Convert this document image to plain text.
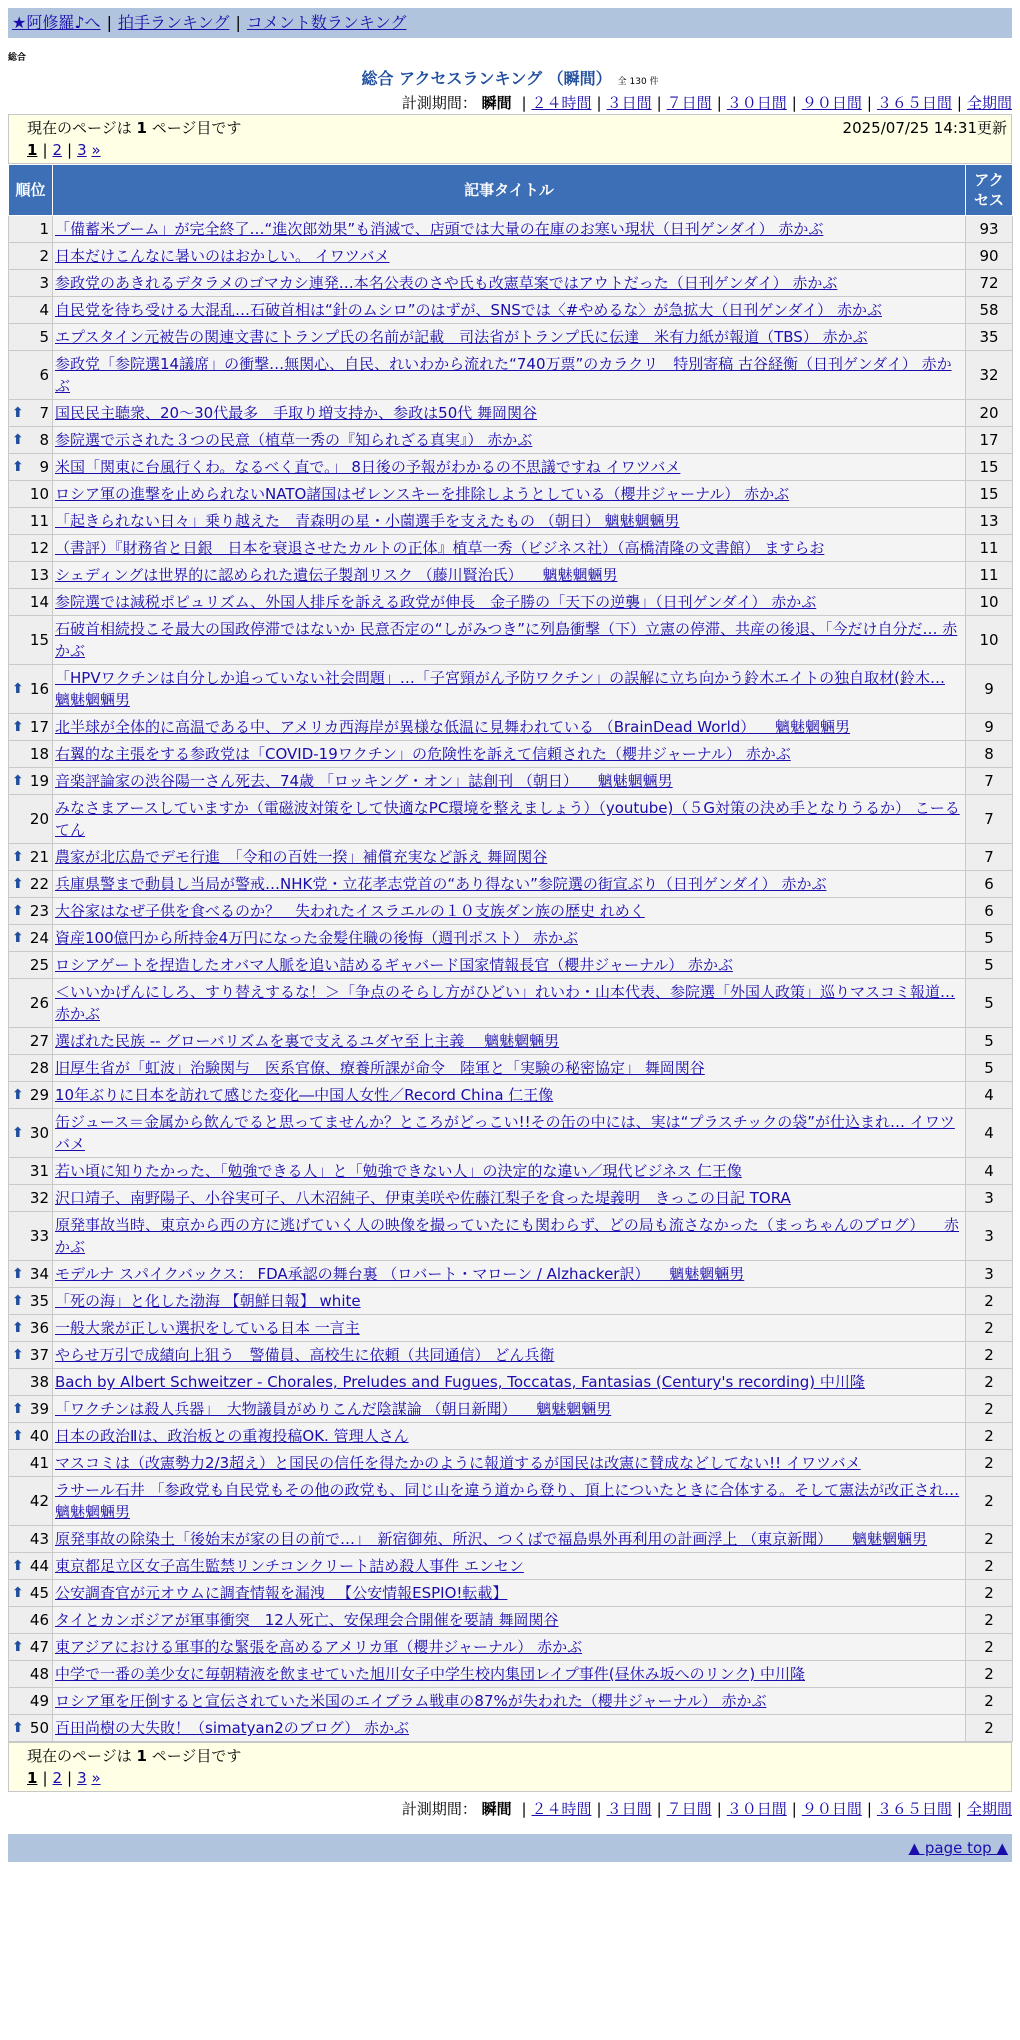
★阿修羅♪へ | 拍手ランキング | コメント数ランキング
総合
総合 アクセスランキング （瞬間） 全 130 件
計測期間： 瞬間 | ２４時間 | ３日間 | ７日間 | ３０日間 | ９０日間 | ３６５日間 | 全期間
現在のページは 1 ページ目です	2025/07/25 14:31更新
1 | 2 | 3 »
順位	記事タイトル	アクセス
1	「備蓄米ブーム」が完全終了…“進次郎効果”も消滅で、店頭では大量の在庫のお寒い現状（日刊ゲンダイ） 赤かぶ	93
2	日本だけこんなに暑いのはおかしい。 イワツバメ	90
3	参政党のあきれるデタラメのゴマカシ連発…本名公表のさや氏も改憲草案ではアウトだった（日刊ゲンダイ） 赤かぶ	72
4	自民党を待ち受ける大混乱…石破首相は“針のムシロ”のはずが、SNSでは〈#やめるな〉が急拡大（日刊ゲンダイ） 赤かぶ	58
5	エプスタイン元被告の関連文書にトランプ氏の名前が記載　司法省がトランプ氏に伝達　米有力紙が報道（TBS） 赤かぶ	35
6	参政党「参院選14議席」の衝撃…無関心、自民、れいわから流れた“740万票”のカラクリ　特別寄稿 古谷経衡（日刊ゲンダイ） 赤かぶ	32

⬆ 7	国民民主聴衆、20～30代最多　手取り増支持か、参政は50代 舞岡関谷	20

⬆ 8	参院選で示された３つの民意（植草一秀の『知られざる真実』） 赤かぶ	17

⬆ 9	米国「関東に台風行くわ。なるべく直で。」 8日後の予報がわかるの不思議ですね イワツバメ	15
10	ロシア軍の進撃を止められないNATO諸国はゼレンスキーを排除しようとしている（櫻井ジャーナル） 赤かぶ	15
11	「起きられない日々」乗り越えた　青森明の星・小薗選手を支えたもの （朝日） 魑魅魍魎男	13
12	（書評）『財務省と日銀　日本を衰退させたカルトの正体』植草一秀（ビジネス社）（高橋清隆の文書館） ますらお	11
13	シェディングは世界的に認められた遺伝子製剤リスク （藤川賢治氏） 　魑魅魍魎男	11
14	参院選では減税ポピュリズム、外国人排斥を訴える政党が伸長　金子勝の「天下の逆襲」（日刊ゲンダイ） 赤かぶ	10
15	石破首相続投こそ最大の国政停滞ではないか 民意否定の“しがみつき”に列島衝撃（下）立憲の停滞、共産の後退、「今だけ自分だ… 赤かぶ	10

⬆ 16	「HPVワクチンは自分しか追っていない社会問題」…「子宮頸がん予防ワクチン」の誤解に立ち向かう鈴木エイトの独自取材(鈴木… 魑魅魍魎男	9

⬆ 17	北半球が全体的に高温である中、アメリカ西海岸が異様な低温に見舞われている （BrainDead World） 　魑魅魍魎男	9
18	右翼的な主張をする参政党は「COVID-19ワクチン」の危険性を訴えて信頼された（櫻井ジャーナル） 赤かぶ	8

⬆ 19	音楽評論家の渋谷陽一さん死去、74歳 「ロッキング・オン」誌創刊 （朝日） 　魑魅魍魎男	7
20	みなさまアースしていますか（電磁波対策をして快適なPC環境を整えましょう）（youtube)（５G対策の決め手となりうるか） こーるてん	7

⬆ 21	農家が北広島でデモ行進　「令和の百姓一揆」補償充実など訴え 舞岡関谷	7

⬆ 22	兵庫県警まで動員し当局が警戒…NHK党・立花孝志党首の“あり得ない”参院選の街宣ぶり（日刊ゲンダイ） 赤かぶ	6

⬆ 23	大谷家はなぜ子供を食べるのか？　失われたイスラエルの１０支族ダン族の歴史 れめく	6

⬆ 24	資産100億円から所持金4万円になった金髪住職の後悔（週刊ポスト） 赤かぶ	5
25	ロシアゲートを捏造したオバマ人脈を追い詰めるギャバード国家情報長官（櫻井ジャーナル） 赤かぶ	5
26	＜いいかげんにしろ、すり替えするな！＞「争点のそらし方がひどい」れいわ・山本代表、参院選「外国人政策」巡りマスコミ報道… 赤かぶ	5
27	選ばれた民族 -- グローバリズムを裏で支えるユダヤ至上主義 　魑魅魍魎男	5
28	旧厚生省が「虹波」治験関与　医系官僚、療養所課が命令　陸軍と「実験の秘密協定」 舞岡関谷	5

⬆ 29	10年ぶりに日本を訪れて感じた変化―中国人女性／Record China 仁王像	4

⬆ 30	缶ジュース＝金属から飲んでると思ってませんか？ところがどっこい!!その缶の中には、実は“プラスチックの袋”が仕込まれ… イワツバメ	4
31	若い頃に知りたかった、「勉強できる人」と「勉強できない人」の決定的な違い／現代ビジネス 仁王像	4
32	沢口靖子、南野陽子、小谷実可子、八木沼純子、伊東美咲や佐藤江梨子を食った堤義明　きっこの日記 TORA	3
33	原発事故当時、東京から西の方に逃げていく人の映像を撮っていたにも関わらず、どの局も流さなかった（まっちゃんのブログ） 　赤かぶ	3

⬆ 34	モデルナ スパイクバックス： FDA承認の舞台裏 （ロバート・マローン / Alzhacker訳） 　魑魅魍魎男	3

⬆ 35	「死の海」と化した渤海 【朝鮮日報】 white	2

⬆ 36	一般大衆が正しい選択をしている日本 一言主	2

⬆ 37	やらせ万引で成績向上狙う　警備員、高校生に依頼（共同通信） どん兵衛	2
38	Bach by Albert Schweitzer - Chorales, Preludes and Fugues, Toccatas, Fantasias (Century's recording) 中川隆	2

⬆ 39	「ワクチンは殺人兵器」　大物議員がめりこんだ陰謀論 （朝日新聞） 　魑魅魍魎男	2

⬆ 40	日本の政治Ⅱは、政治板との重複投稿OK. 管理人さん	2
41	マスコミは（改憲勢力2/3超え）と国民の信任を得たかのように報道するが国民は改憲に賛成などしてない!! イワツバメ	2
42	ラサール石井 「参政党も自民党もその他の政党も、同じ山を違う道から登り、頂上についたときに合体する。そして憲法が改正され… 魑魅魍魎男	2
43	原発事故の除染土「後始末が家の目の前で…」　新宿御苑、所沢、つくばで福島県外再利用の計画浮上 （東京新聞） 　魑魅魍魎男	2

⬆ 44	東京都足立区女子高生監禁リンチコンクリート詰め殺人事件 エンセン	2

⬆ 45	公安調査官が元オウムに調査情報を漏洩 　【公安情報ESPIO!転載】	2
46	タイとカンボジアが軍事衝突　12人死亡、安保理会合開催を要請 舞岡関谷	2

⬆ 47	東アジアにおける軍事的な緊張を高めるアメリカ軍（櫻井ジャーナル） 赤かぶ	2
48	中学で一番の美少女に毎朝精液を飲ませていた旭川女子中学生校内集団レイプ事件(昼休み坂へのリンク) 中川隆	2
49	ロシア軍を圧倒すると宣伝されていた米国のエイブラム戦車の87%が失われた（櫻井ジャーナル） 赤かぶ	2

⬆ 50	百田尚樹の大失敗！（simatyan2のブログ） 赤かぶ	2
現在のページは 1 ページ目です
1 | 2 | 3 »
計測期間： 瞬間 | ２４時間 | ３日間 | ７日間 | ３０日間 | ９０日間 | ３６５日間 | 全期間
▲ page top ▲
